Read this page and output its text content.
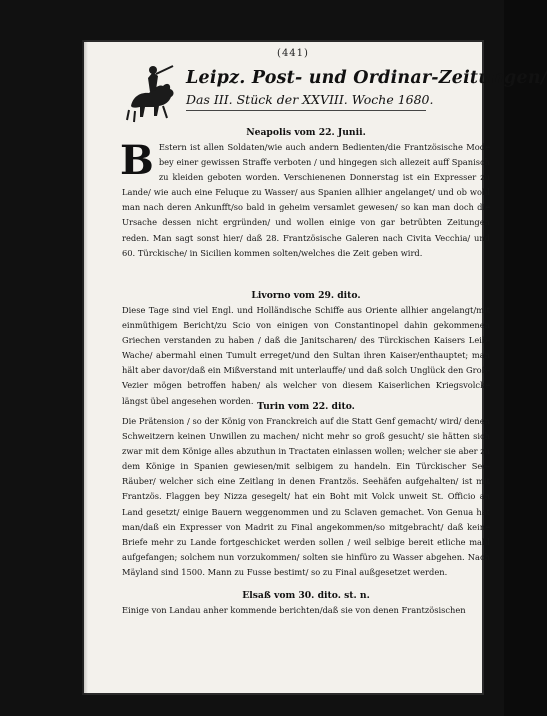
(441)
Leipz. Post- und Ordinar-Zeitungen/
Das III. Stück der XXVIII. Woche 1680.
Neapolis vom 22. Junii.

B Estern ist allen Soldaten/wie auch andern Bedienten/die Frantzösische Mode bey einer gewissen Straffe verboten / und hingegen sich allezeit auff Spanisch zu kleiden geboten worden. Verschienenen Donnerstag ist ein Expresser zu Lande/ wie auch eine Feluque zu Wasser/ aus Spanien allhier angelanget/ und ob wohl man nach deren Ankunfft/so bald in geheim versamlet gewesen/ so kan man doch die Ursache dessen nicht ergründen/ und wollen einige von gar betrübten Zeitungen reden. Man sagt sonst hier/ daß 28. Frantzösische Galeren nach Civita Vecchia/ und 60. Türckische/ in Sicilien kommen solten/welches die Zeit geben wird.

Livorno vom 29. dito.

Diese Tage sind viel Engl. und Holländische Schiffe aus Oriente allhier angelangt/mit einmüthigem Bericht/zu Scio von einigen von Constantinopel dahin gekommenen Griechen verstanden zu haben / daß die Janitscharen/ des Türckischen Kaisers Leib-Wache/ abermahl einen Tumult erreget/und den Sultan ihren Kaiser/enthauptet; man hält aber davor/daß ein Mißverstand mit unterlauffe/ und daß solch Unglück den Groß-Vezier mögen betroffen haben/ als welcher von diesem Kaiserlichen Kriegsvolcke längst übel angesehen worden.

Turin vom 22. dito.

Die Prätension / so der König von Franckreich auf die Statt Genf gemacht/ wird/ denen Schweitzern keinen Unwillen zu machen/ nicht mehr so groß gesucht/ sie hätten sich zwar mit dem Könige alles abzuthun in Tractaten einlassen wollen; welcher sie aber zu dem Könige in Spanien gewiesen/mit selbigem zu handeln. Ein Türckischer See-Räuber/ welcher sich eine Zeitlang in denen Frantzös. Seehäfen aufgehalten/ ist mit Frantzös. Flaggen bey Nizza gesegelt/ hat ein Boht mit Volck unweit St. Officio an Land gesetzt/ einige Bauern weggenommen und zu Sclaven gemachet. Von Genua hat man/daß ein Expresser von Madrit zu Final angekommen/so mitgebracht/ daß keine Briefe mehr zu Lande fortgeschicket werden sollen / weil selbige bereit etliche mahl aufgefangen; solchem nun vorzukommen/ solten sie hinfüro zu Wasser abgehen. Nach Mäyland sind 1500. Mann zu Fusse bestimt/ so zu Final außgesetzet werden.

Elsaß vom 30. dito. st. n.

Einige von Landau anher kommende berichten/daß sie von denen Frantzösischen
